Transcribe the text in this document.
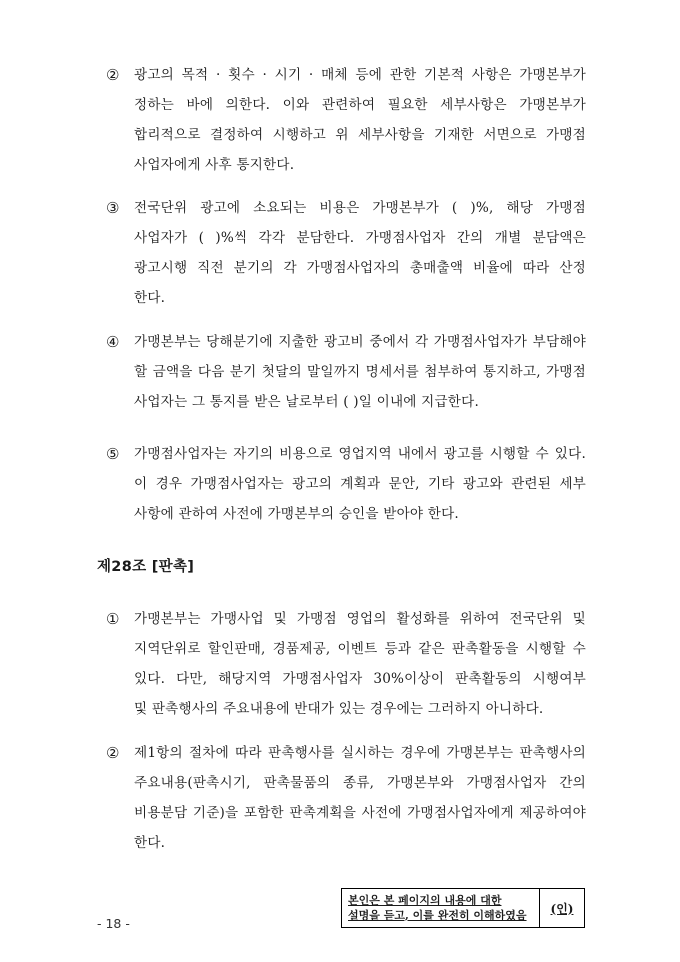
② 광고의 목적 · 횟수 · 시기 · 매체 등에 관한 기본적 사항은 가맹본부가
정하는 바에 의한다. 이와 관련하여 필요한 세부사항은 가맹본부가
합리적으로 결정하여 시행하고 위 세부사항을 기재한 서면으로 가맹점
사업자에게 사후 통지한다.
③ 전국단위 광고에 소요되는 비용은 가맹본부가 ( )%, 해당 가맹점
사업자가 ( )%씩 각각 분담한다. 가맹점사업자 간의 개별 분담액은
광고시행 직전 분기의 각 가맹점사업자의 총매출액 비율에 따라 산정
한다.
④ 가맹본부는 당해분기에 지출한 광고비 중에서 각 가맹점사업자가 부담해야
할 금액을 다음 분기 첫달의 말일까지 명세서를 첨부하여 통지하고, 가맹점
사업자는 그 통지를 받은 날로부터 ( )일 이내에 지급한다.
⑤ 가맹점사업자는 자기의 비용으로 영업지역 내에서 광고를 시행할 수 있다.
이 경우 가맹점사업자는 광고의 계획과 문안, 기타 광고와 관련된 세부
사항에 관하여 사전에 가맹본부의 승인을 받아야 한다.
제28조 [판촉]
① 가맹본부는 가맹사업 및 가맹점 영업의 활성화를 위하여 전국단위 및
지역단위로 할인판매, 경품제공, 이벤트 등과 같은 판촉활동을 시행할 수
있다. 다만, 해당지역 가맹점사업자 30%이상이 판촉활동의 시행여부
및 판촉행사의 주요내용에 반대가 있는 경우에는 그러하지 아니하다.
② 제1항의 절차에 따라 판촉행사를 실시하는 경우에 가맹본부는 판촉행사의
주요내용(판촉시기, 판촉물품의 종류, 가맹본부와 가맹점사업자 간의
비용분담 기준)을 포함한 판촉계획을 사전에 가맹점사업자에게 제공하여야
한다.
- 18 -
본인은 본 페이지의 내용에 대한
설명을 듣고, 이를 완전히 이해하였음	(인)
